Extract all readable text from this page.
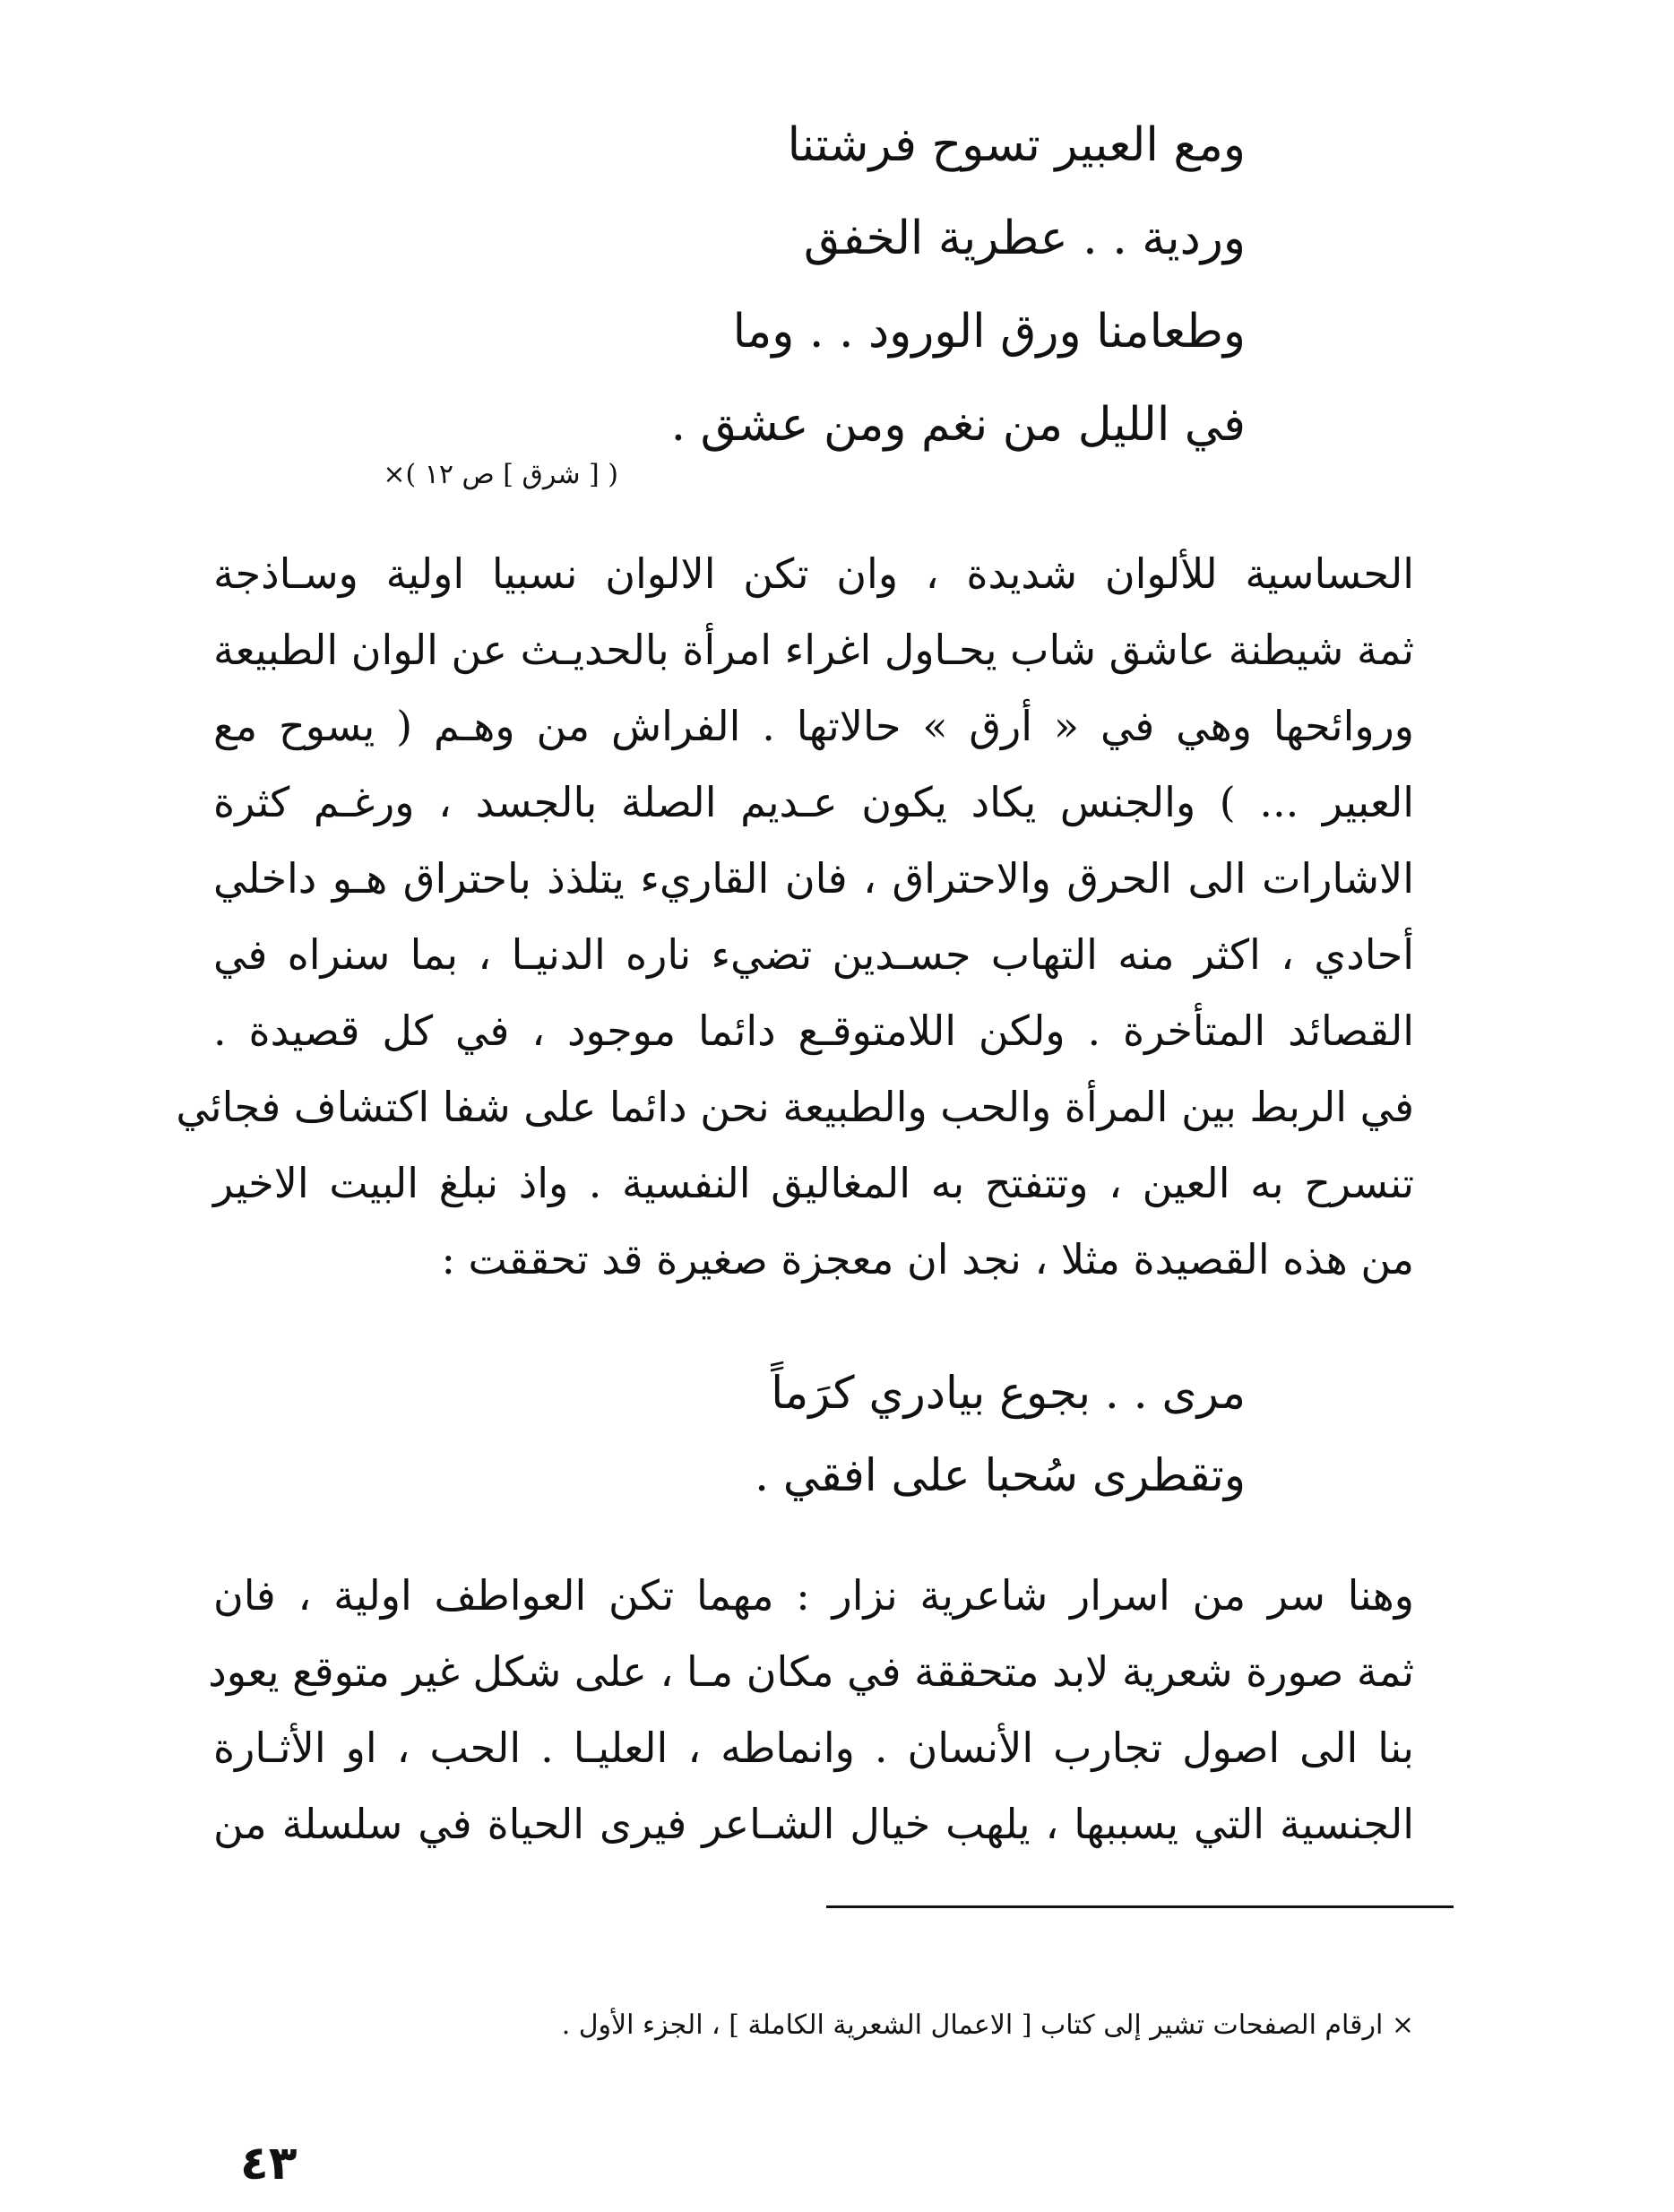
ومع العبير تسوح فرشتنا
وردية . . عطرية الخفق
وطعامنا ورق الورود . . وما
في الليل من نغم ومن عشق .
( [ شرق ] ص ١٢ )×
الحساسية للألوان شديدة ، وان تكن الالوان نسبيا اولية وسـاذجة
ثمة شيطنة عاشق شاب يحـاول اغراء امرأة بالحديـث عن الوان الطبيعة
وروائحها وهي في « أرق » حالاتها . الفراش من وهـم ( يسوح مع
العبير ... ) والجنس يكاد يكون عـديم الصلة بالجسد ، ورغـم كثرة
الاشارات الى الحرق والاحتراق ، فان القاريء يتلذذ باحتراق هـو داخلي
أحادي ، اكثر منه التهاب جسـدين تضيء ناره الدنيـا ، بما سنراه في
القصائد المتأخرة . ولكن اللامتوقـع دائما موجود ، في كل قصيدة .
في الربط بين المرأة والحب والطبيعة نحن دائما على شفا اكتشاف فجائي
تنسرح به العين ، وتتفتح به المغاليق النفسية . واذ نبلغ البيت الاخير
من هذه القصيدة مثلا ، نجد ان معجزة صغيرة قد تحققت :
مرى . . بجوع بيادري كرَماً
وتقطرى سُحبا على افقي .
وهنا سر من اسرار شاعرية نزار : مهما تكن العواطف اولية ، فان
ثمة صورة شعرية لابد متحققة في مكان مـا ، على شكل غير متوقع يعود
بنا الى اصول تجارب الأنسان . وانماطه ، العليـا . الحب ، او الأثـارة
الجنسية التي يسببها ، يلهب خيال الشـاعر فيرى الحياة في سلسلة من
× ارقام الصفحات تشير إلى كتاب [ الاعمال الشعرية الكاملة ] ، الجزء الأول .
٤٣
